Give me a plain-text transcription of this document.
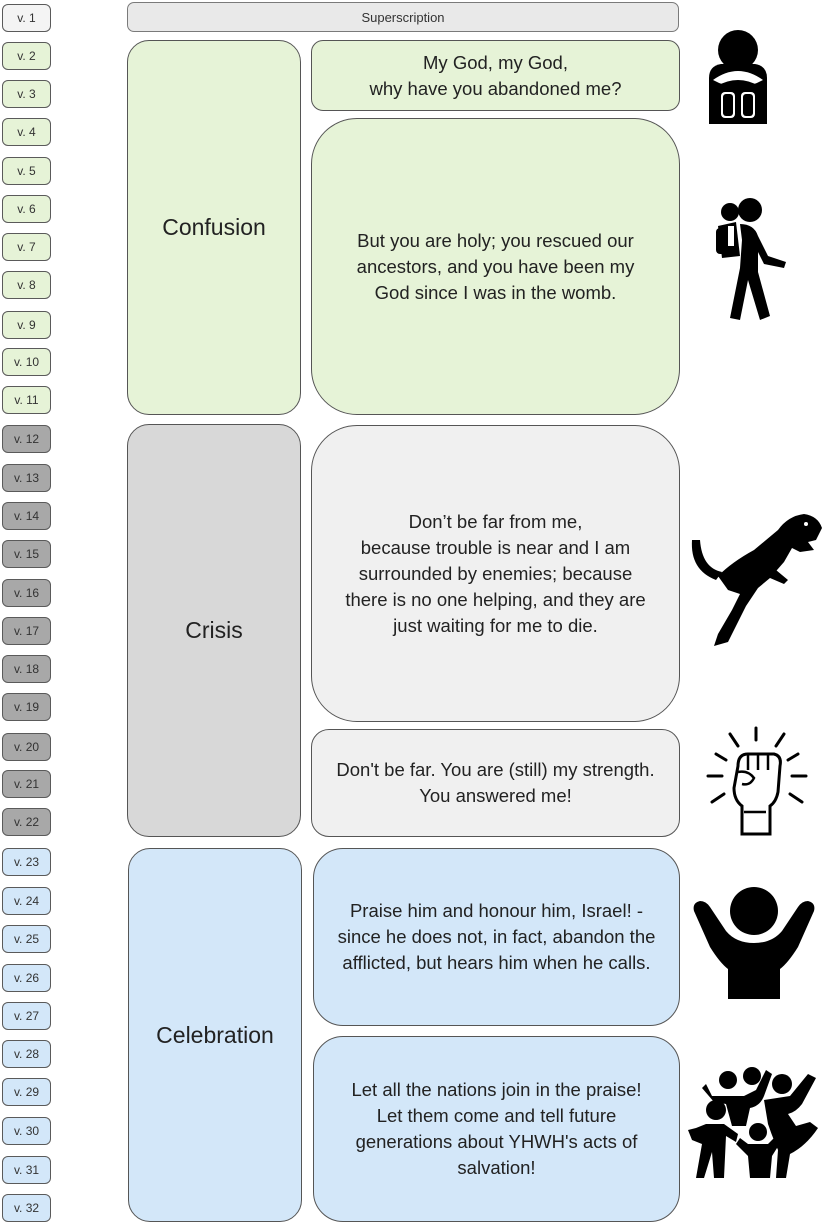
v. 1
v. 2
v. 3
v. 4
v. 5
v. 6
v. 7
v. 8
v. 9
v. 10
v. 11
v. 12
v. 13
v. 14
v. 15
v. 16
v. 17
v. 18
v. 19
v. 20
v. 21
v. 22
v. 23
v. 24
v. 25
v. 26
v. 27
v. 28
v. 29
v. 30
v. 31
v. 32
Superscription
Confusion
Crisis
Celebration
My God, my God,
why have you abandoned me?
But you are holy; you rescued our
ancestors, and you have been my
God since I was in the womb.
Don’t be far from me,
because trouble is near and I am
surrounded by enemies; because
there is no one helping, and they are
just waiting for me to die.
Don't be far. You are (still) my strength.
You answered me!
Praise him and honour him, Israel! -
since he does not, in fact, abandon the
afflicted, but hears him when he calls.
Let all the nations join in the praise!
Let them come and tell future
generations about YHWH's acts of
salvation!
